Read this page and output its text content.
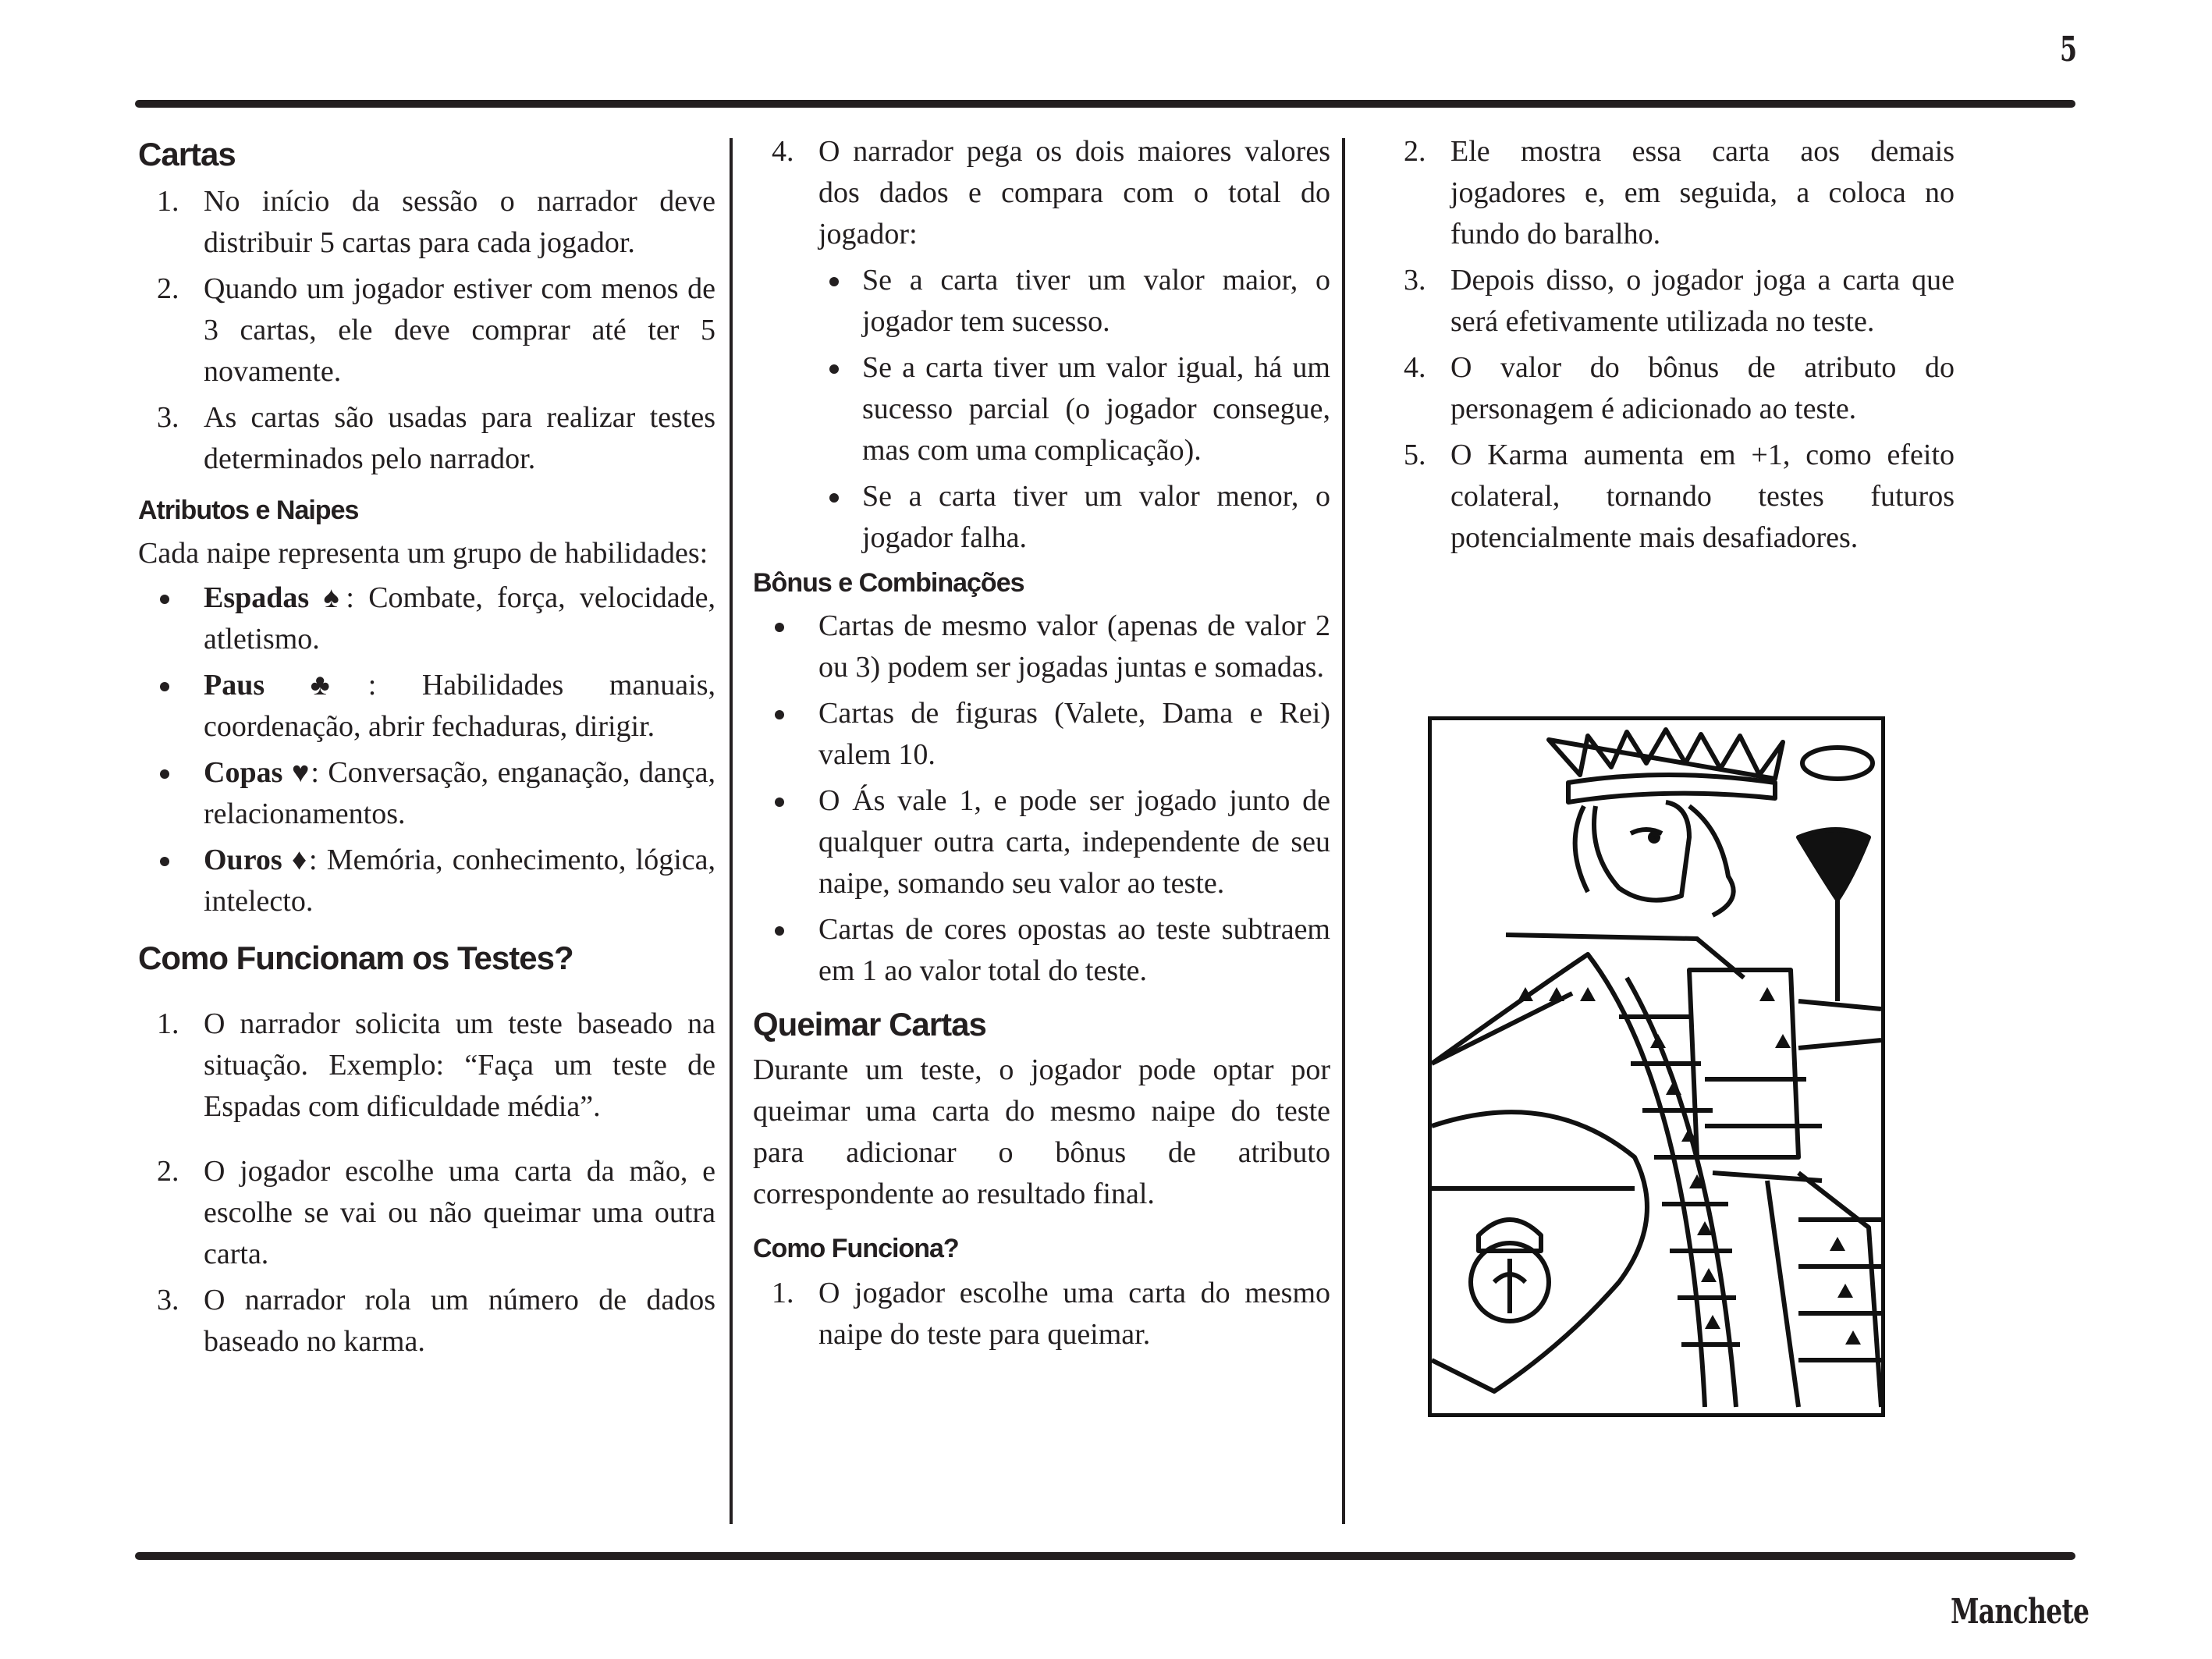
5
Cartas
1. No início da sessão o narrador deve distribuir 5 cartas para cada jogador.
2. Quando um jogador estiver com menos de 3 cartas, ele deve comprar até ter 5 novamente.
3. As cartas são usadas para realizar testes determinados pelo narrador.
Atributos e Naipes

Cada naipe representa um grupo de habilidades:

Espadas ♠: Combate, força, velocidade, atletismo.
Paus ♣: Habilidades manuais, coordenação, abrir fechaduras, dirigir.
Copas ♥: Conversação, enganação, dança, relacionamentos.
Ouros ♦: Memória, conhecimento, lógica, intelecto.
Como Funcionam os Testes?
1. O narrador solicita um teste baseado na situação. Exemplo: “Faça um teste de Espadas com dificuldade média”.
2. O jogador escolhe uma carta da mão, e escolhe se vai ou não queimar uma outra carta.
3. O narrador rola um número de dados baseado no karma.
4. O narrador pega os dois maiores valores dos dados e compara com o total do jogador:
Se a carta tiver um valor maior, o jogador tem sucesso.
Se a carta tiver um valor igual, há um sucesso parcial (o jogador consegue, mas com uma complicação).
Se a carta tiver um valor menor, o jogador falha.
Bônus e Combinações
Cartas de mesmo valor (apenas de valor 2 ou 3) podem ser jogadas juntas e somadas.
Cartas de figuras (Valete, Dama e Rei) valem 10.
O Ás vale 1, e pode ser jogado junto de qualquer outra carta, independente de seu naipe, somando seu valor ao teste.
Cartas de cores opostas ao teste subtraem em 1 ao valor total do teste.
Queimar Cartas

Durante um teste, o jogador pode optar por queimar uma carta do mesmo naipe do teste para adicionar o bônus de atributo correspondente ao resultado final.

Como Funciona?
1. O jogador escolhe uma carta do mesmo naipe do teste para queimar.
2. Ele mostra essa carta aos demais jogadores e, em seguida, a coloca no fundo do baralho.
3. Depois disso, o jogador joga a carta que será efetivamente utilizada no teste.
4. O valor do bônus de atributo do personagem é adicionado ao teste.
5. O Karma aumenta em +1, como efeito colateral, tornando testes futuros potencialmente mais desafiadores.
Manchete
